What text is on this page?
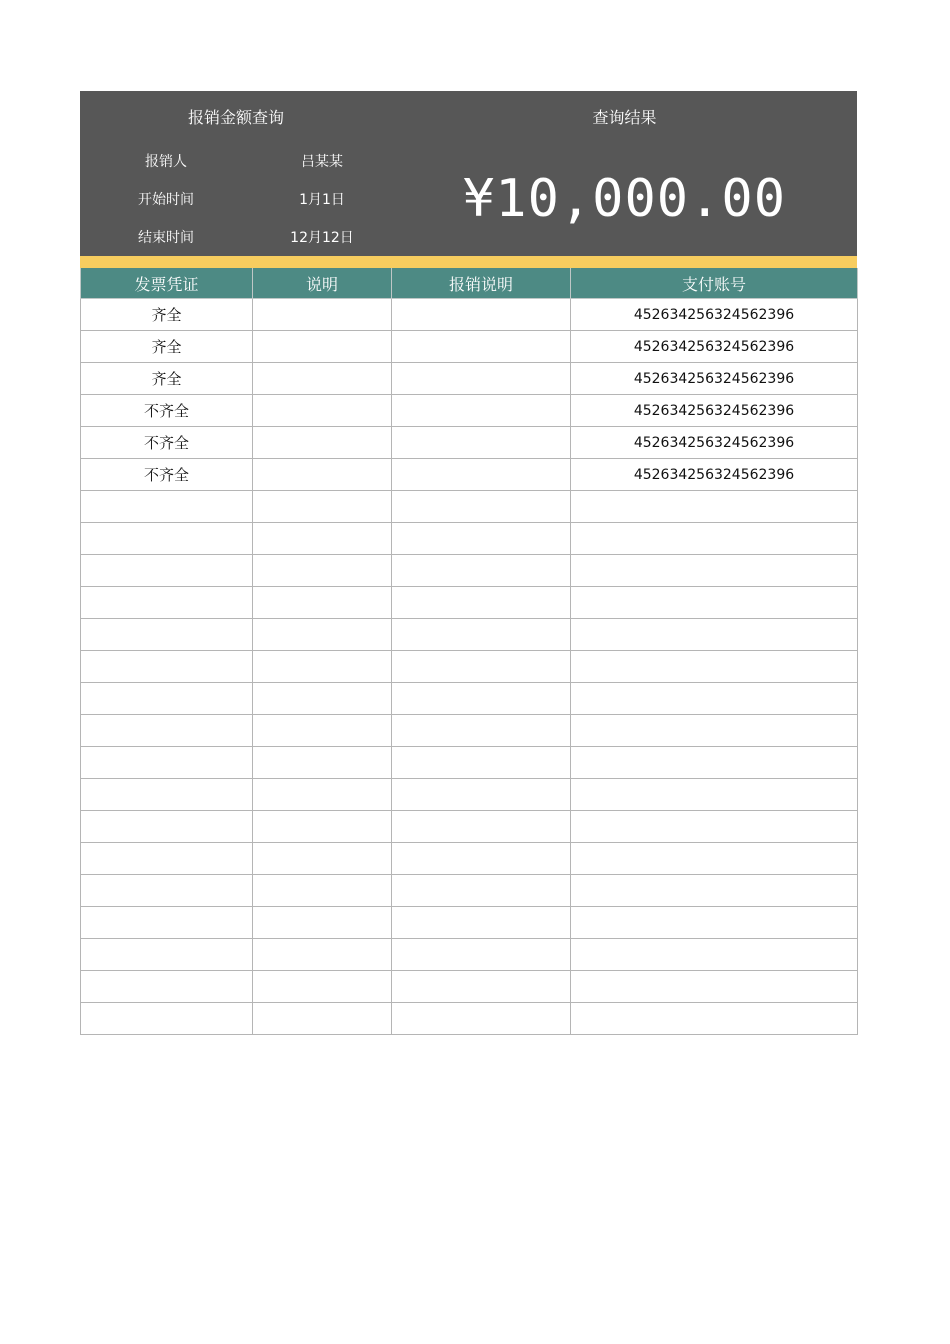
报销金额查询	查询结果
报销人	吕某某
开始时间	1月1日
结束时间	12月12日
¥10,000.00
发票凭证	说明	报销说明	支付账号
齐全			452634256324562396
齐全			452634256324562396
齐全			452634256324562396
不齐全			452634256324562396
不齐全			452634256324562396
不齐全			452634256324562396
